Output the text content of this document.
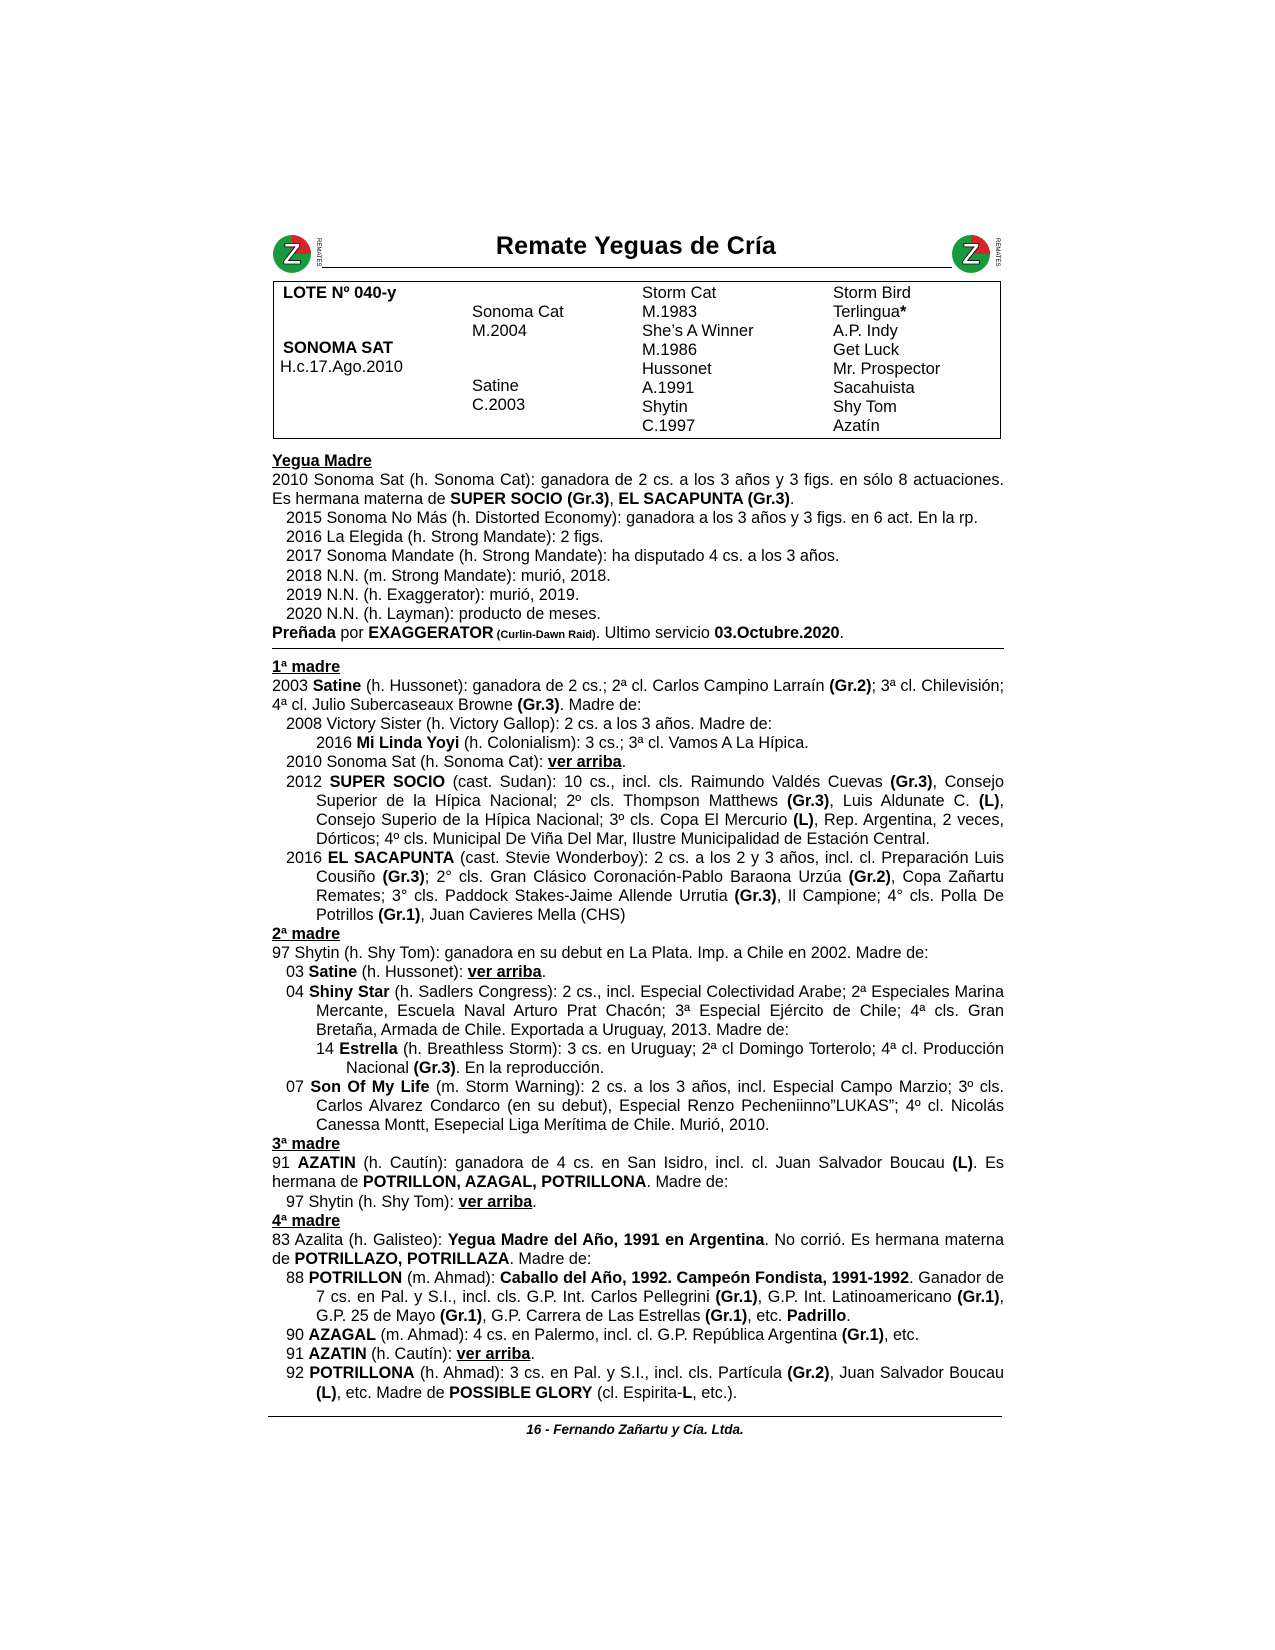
Z REMATES	Remate Yeguas de Cría	Z REMATES
LOTE Nº 040-y
SONOMA SAT
H.c.17.Ago.2010
Sonoma Cat
M.2004
Satine
C.2003
Storm Cat
M.1983
She’s A Winner
M.1986
Hussonet
A.1991
Shytin
C.1997
Storm Bird
Terlingua*
A.P. Indy
Get Luck
Mr. Prospector
Sacahuista
Shy Tom
Azatín

Yegua Madre

2010 Sonoma Sat (h. Sonoma Cat): ganadora de 2 cs. a los 3 años y 3 figs. en sólo 8 actuaciones. Es hermana materna de SUPER SOCIO (Gr.3), EL SACAPUNTA (Gr.3).

2015 Sonoma No Más (h. Distorted Economy): ganadora a los 3 años y 3 figs. en 6 act. En la rp.

2016 La Elegida (h. Strong Mandate): 2 figs.

2017 Sonoma Mandate (h. Strong Mandate): ha disputado 4 cs. a los 3 años.

2018 N.N. (m. Strong Mandate): murió, 2018.

2019 N.N. (h. Exaggerator): murió, 2019.

2020 N.N. (h. Layman): producto de meses.

Preñada por EXAGGERATOR (Curlin-Dawn Raid). Ultimo servicio 03.Octubre.2020.

1ª madre

2003 Satine (h. Hussonet): ganadora de 2 cs.; 2ª cl. Carlos Campino Larraín (Gr.2); 3ª cl. Chilevisión; 4ª cl. Julio Subercaseaux Browne (Gr.3). Madre de:

2008 Victory Sister (h. Victory Gallop): 2 cs. a los 3 años. Madre de:

2016 Mi Linda Yoyi (h. Colonialism): 3 cs.; 3ª cl. Vamos A La Hípica.

2010 Sonoma Sat (h. Sonoma Cat): ver arriba.

2012 SUPER SOCIO (cast. Sudan): 10 cs., incl. cls. Raimundo Valdés Cuevas (Gr.3), Consejo Superior de la Hípica Nacional; 2º cls. Thompson Matthews (Gr.3), Luis Aldunate C. (L), Consejo Superio de la Hípica Nacional; 3º cls. Copa El Mercurio (L), Rep. Argentina, 2 veces, Dórticos; 4º cls. Municipal De Viña Del Mar, Ilustre Municipalidad de Estación Central.

2016 EL SACAPUNTA (cast. Stevie Wonderboy): 2 cs. a los 2 y 3 años, incl. cl. Preparación Luis Cousiño (Gr.3); 2° cls. Gran Clásico Coronación-Pablo Baraona Urzúa (Gr.2), Copa Zañartu Remates; 3° cls. Paddock Stakes-Jaime Allende Urrutia (Gr.3), Il Campione; 4° cls. Polla De Potrillos (Gr.1), Juan Cavieres Mella (CHS)

2ª madre

97 Shytin (h. Shy Tom): ganadora en su debut en La Plata. Imp. a Chile en 2002. Madre de:

03 Satine (h. Hussonet): ver arriba.

04 Shiny Star (h. Sadlers Congress): 2 cs., incl. Especial Colectividad Arabe; 2ª Especiales Marina Mercante, Escuela Naval Arturo Prat Chacón; 3ª Especial Ejército de Chile; 4ª cls. Gran Bretaña, Armada de Chile. Exportada a Uruguay, 2013. Madre de:

14 Estrella (h. Breathless Storm): 3 cs. en Uruguay; 2ª cl Domingo Torterolo; 4ª cl. Producción Nacional (Gr.3). En la reproducción.

07 Son Of My Life (m. Storm Warning): 2 cs. a los 3 años, incl. Especial Campo Marzio; 3º cls. Carlos Alvarez Condarco (en su debut), Especial Renzo Pecheniinno”LUKAS”; 4º cl. Nicolás Canessa Montt, Esepecial Liga Merítima de Chile. Murió, 2010.

3ª madre

91 AZATIN (h. Cautín): ganadora de 4 cs. en San Isidro, incl. cl. Juan Salvador Boucau (L). Es hermana de POTRILLON, AZAGAL, POTRILLONA. Madre de:

97 Shytin (h. Shy Tom): ver arriba.

4ª madre

83 Azalita (h. Galisteo): Yegua Madre del Año, 1991 en Argentina. No corrió. Es hermana materna de POTRILLAZO, POTRILLAZA. Madre de:

88 POTRILLON (m. Ahmad): Caballo del Año, 1992. Campeón Fondista, 1991-1992. Ganador de 7 cs. en Pal. y S.I., incl. cls. G.P. Int. Carlos Pellegrini (Gr.1), G.P. Int. Latinoamericano (Gr.1), G.P. 25 de Mayo (Gr.1), G.P. Carrera de Las Estrellas (Gr.1), etc. Padrillo.

90 AZAGAL (m. Ahmad): 4 cs. en Palermo, incl. cl. G.P. República Argentina (Gr.1), etc.

91 AZATIN (h. Cautín): ver arriba.

92 POTRILLONA (h. Ahmad): 3 cs. en Pal. y S.I., incl. cls. Partícula (Gr.2), Juan Salvador Boucau (L), etc. Madre de POSSIBLE GLORY (cl. Espirita-L, etc.).

16 - Fernando Zañartu y Cía. Ltda.
